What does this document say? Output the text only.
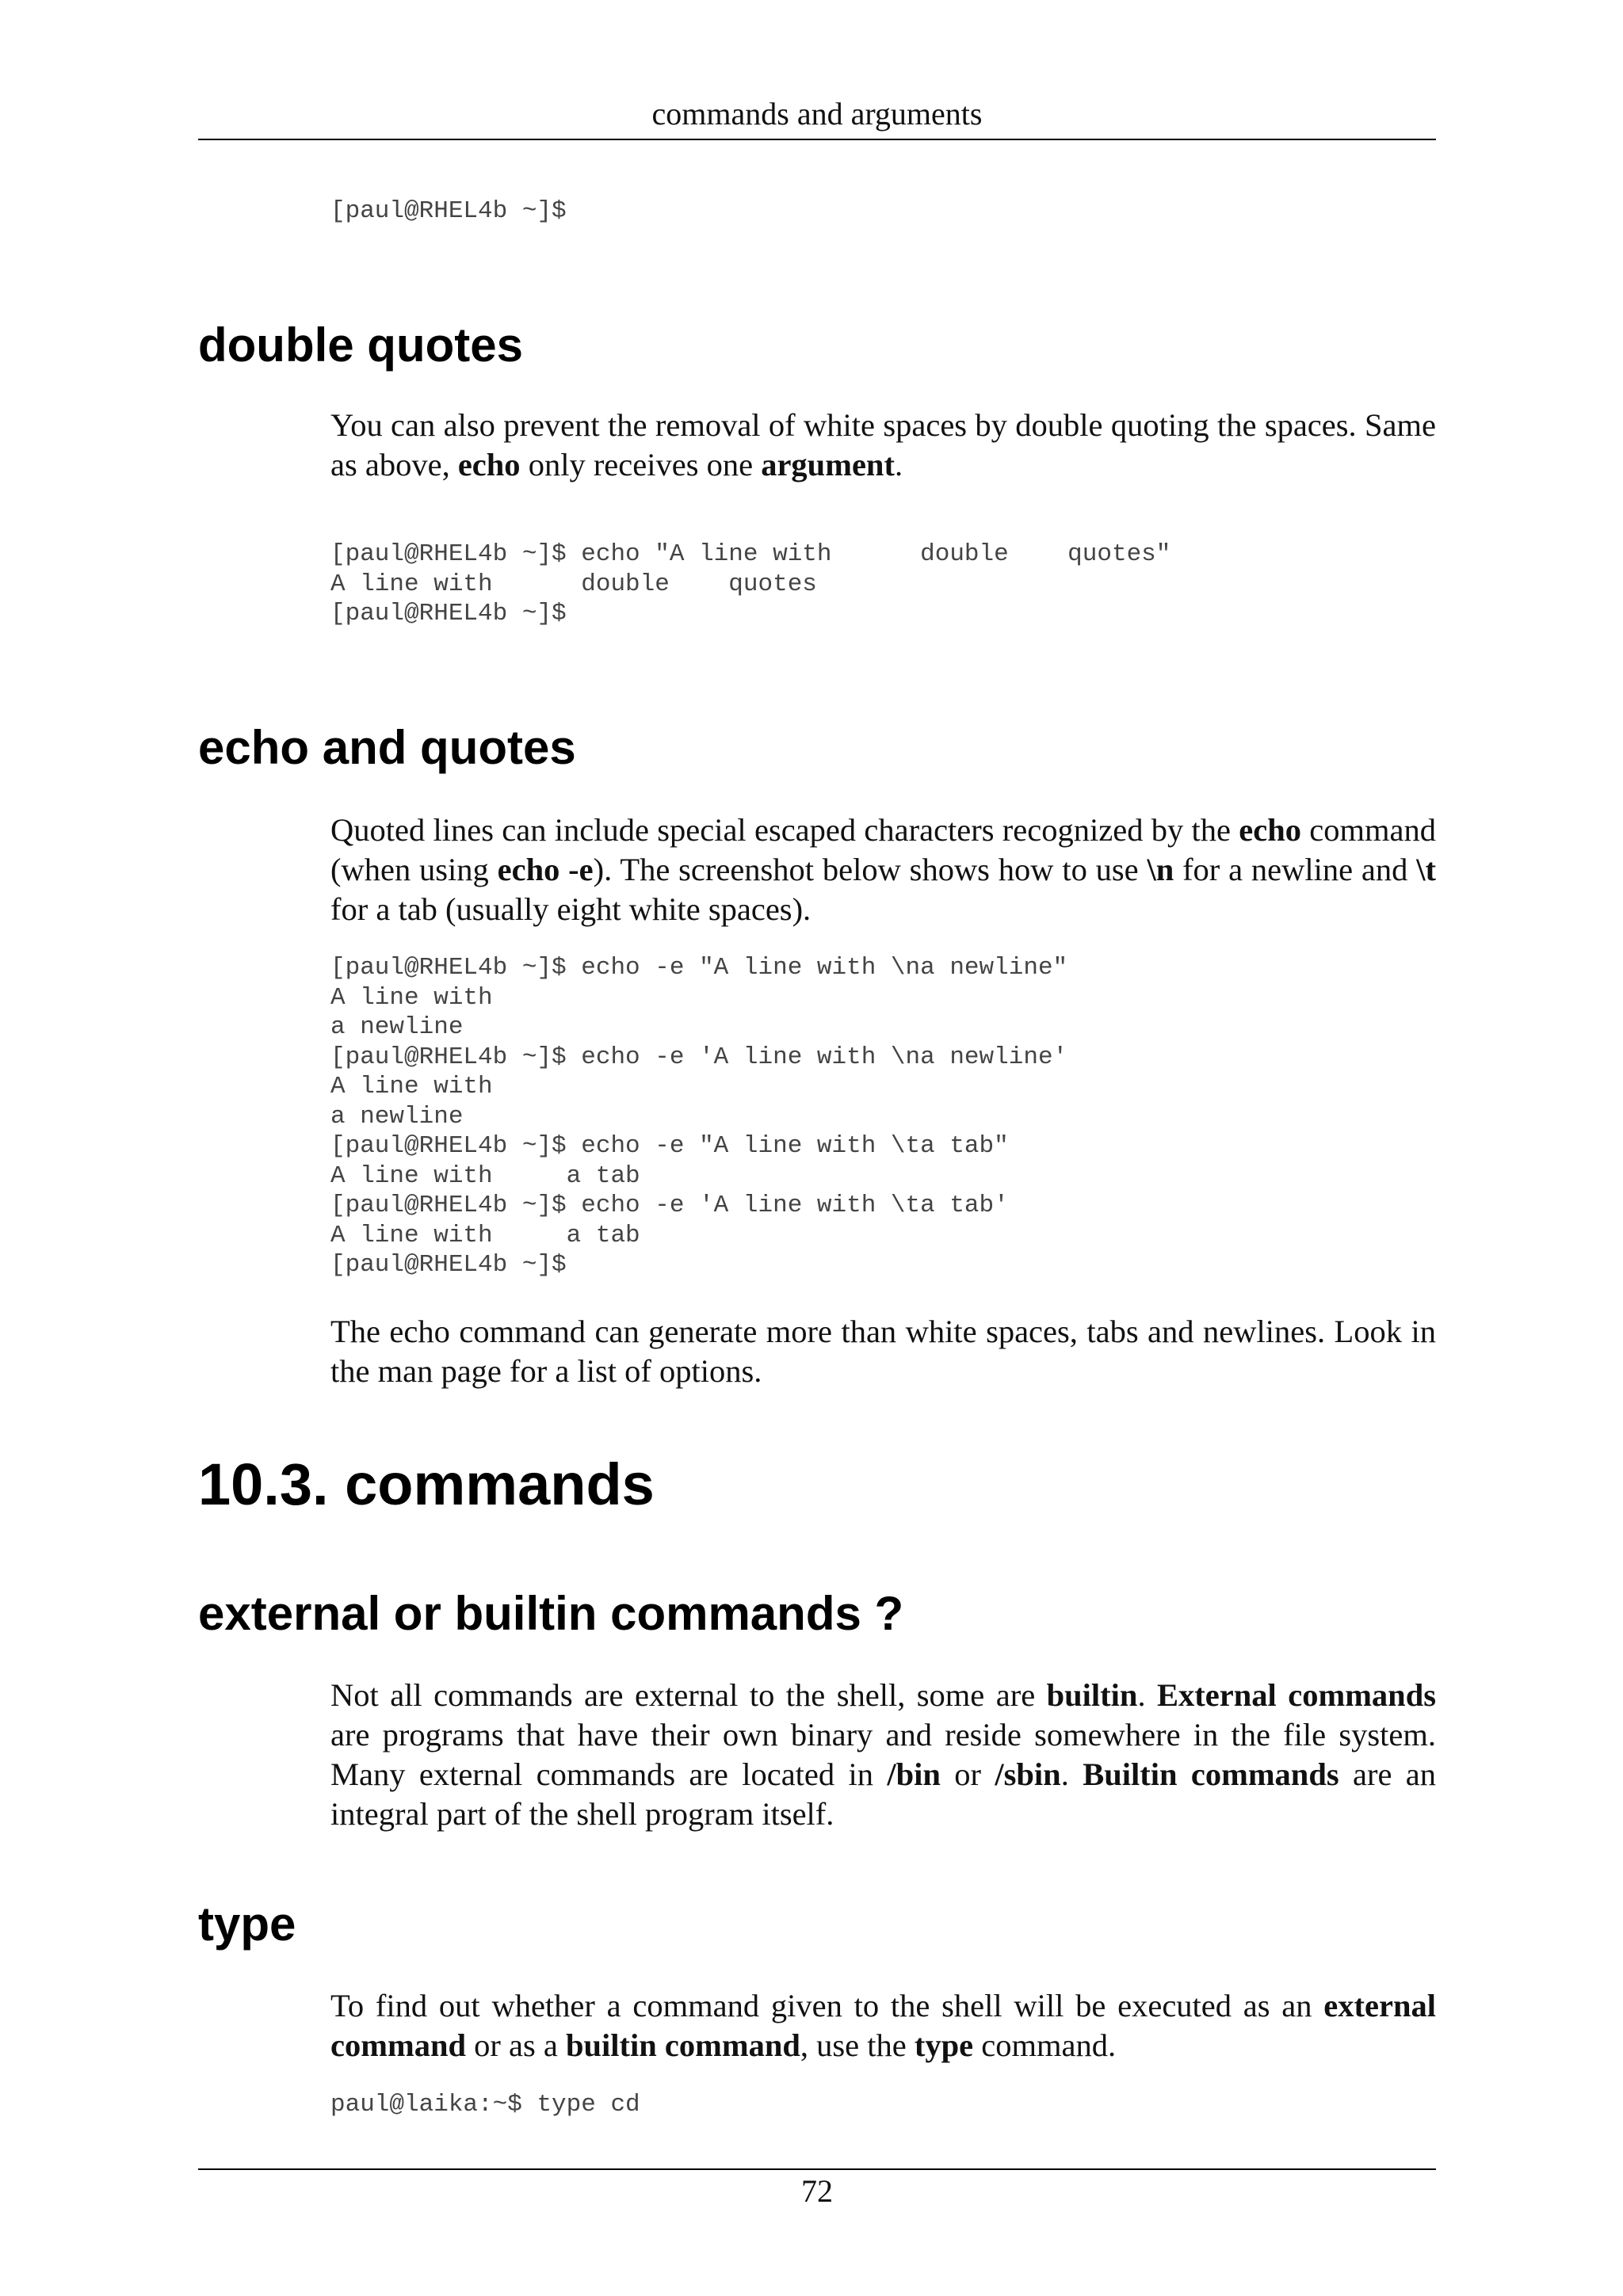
commands and arguments
[paul@RHEL4b ~]$
double quotes

You can also prevent the removal of white spaces by double quoting the spaces. Same as above, echo only receives one argument.

[paul@RHEL4b ~]$ echo "A line with      double    quotes"
A line with      double    quotes
[paul@RHEL4b ~]$
echo and quotes

Quoted lines can include special escaped characters recognized by the echo command (when using echo -e). The screenshot below shows how to use \n for a newline and \t for a tab (usually eight white spaces).

[paul@RHEL4b ~]$ echo -e "A line with \na newline"
A line with
a newline
[paul@RHEL4b ~]$ echo -e 'A line with \na newline'
A line with
a newline
[paul@RHEL4b ~]$ echo -e "A line with \ta tab"
A line with     a tab
[paul@RHEL4b ~]$ echo -e 'A line with \ta tab'
A line with     a tab
[paul@RHEL4b ~]$

The echo command can generate more than white spaces, tabs and newlines. Look in the man page for a list of options.

10.3. commands
external or builtin commands ?

Not all commands are external to the shell, some are builtin. External commands are programs that have their own binary and reside somewhere in the file system. Many external commands are located in /bin or /sbin. Builtin commands are an integral part of the shell program itself.

type

To find out whether a command given to the shell will be executed as an external command or as a builtin command, use the type command.

paul@laika:~$ type cd
72
